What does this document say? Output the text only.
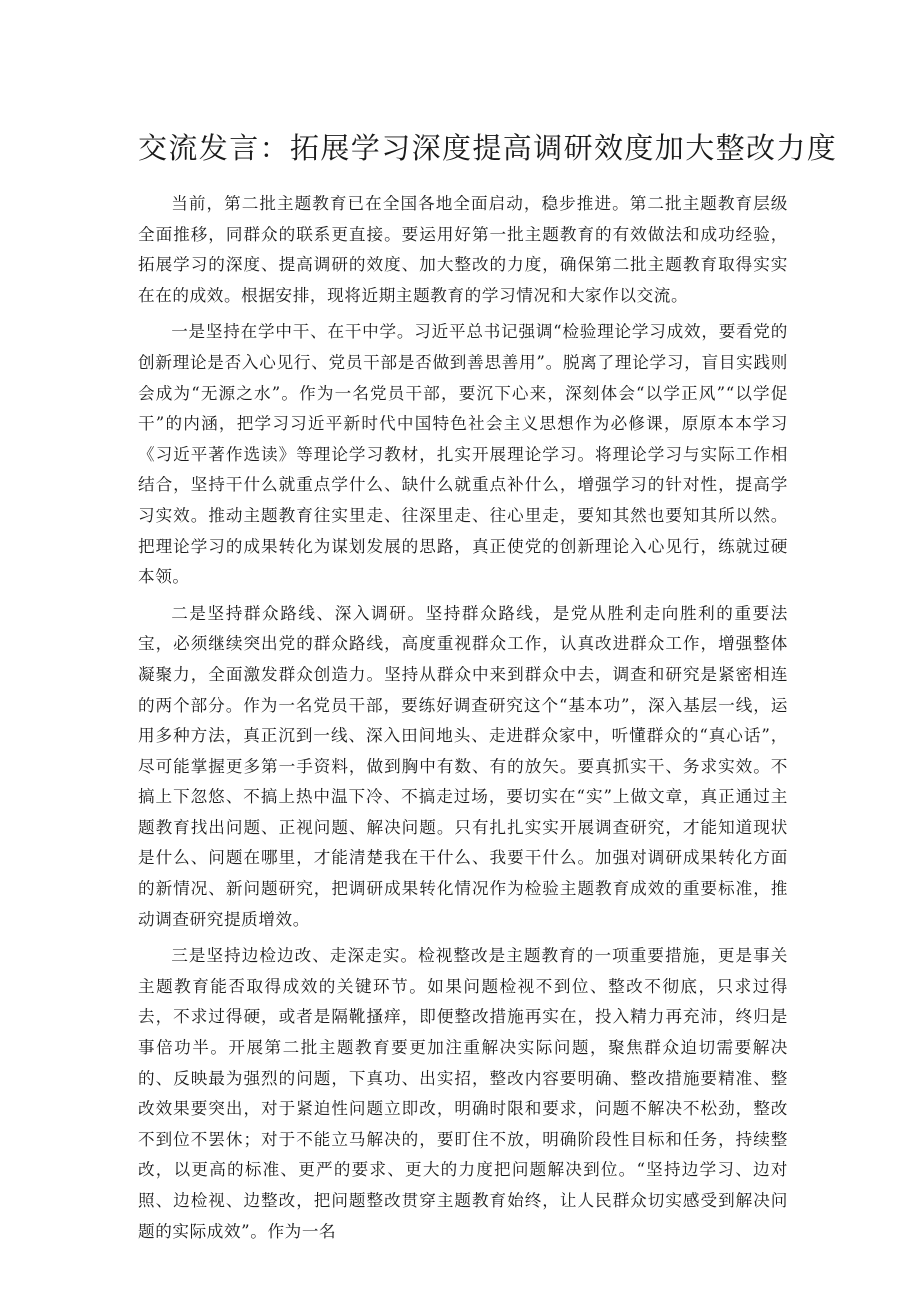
交流发言：拓展学习深度提高调研效度加大整改力度

当前，第二批主题教育已在全国各地全面启动，稳步推进。第二批主题教育层级全面推移，同群众的联系更直接。要运用好第一批主题教育的有效做法和成功经验，拓展学习的深度、提高调研的效度、加大整改的力度，确保第二批主题教育取得实实在在的成效。根据安排，现将近期主题教育的学习情况和大家作以交流。

一是坚持在学中干、在干中学。习近平总书记强调“检验理论学习成效，要看党的创新理论是否入心见行、党员干部是否做到善思善用”。脱离了理论学习，盲目实践则会成为“无源之水”。作为一名党员干部，要沉下心来，深刻体会“以学正风”“以学促干”的内涵，把学习习近平新时代中国特色社会主义思想作为必修课，原原本本学习《习近平著作选读》等理论学习教材，扎实开展理论学习。将理论学习与实际工作相结合，坚持干什么就重点学什么、缺什么就重点补什么，增强学习的针对性，提高学习实效。推动主题教育往实里走、往深里走、往心里走，要知其然也要知其所以然。把理论学习的成果转化为谋划发展的思路，真正使党的创新理论入心见行，练就过硬本领。

二是坚持群众路线、深入调研。坚持群众路线，是党从胜利走向胜利的重要法宝，必须继续突出党的群众路线，高度重视群众工作，认真改进群众工作，增强整体凝聚力，全面激发群众创造力。坚持从群众中来到群众中去，调查和研究是紧密相连的两个部分。作为一名党员干部，要练好调查研究这个“基本功”，深入基层一线，运用多种方法，真正沉到一线、深入田间地头、走进群众家中，听懂群众的“真心话”，尽可能掌握更多第一手资料，做到胸中有数、有的放矢。要真抓实干、务求实效。不搞上下忽悠、不搞上热中温下冷、不搞走过场，要切实在“实”上做文章，真正通过主题教育找出问题、正视问题、解决问题。只有扎扎实实开展调查研究，才能知道现状是什么、问题在哪里，才能清楚我在干什么、我要干什么。加强对调研成果转化方面的新情况、新问题研究，把调研成果转化情况作为检验主题教育成效的重要标准，推动调查研究提质增效。

三是坚持边检边改、走深走实。检视整改是主题教育的一项重要措施，更是事关主题教育能否取得成效的关键环节。如果问题检视不到位、整改不彻底，只求过得去，不求过得硬，或者是隔靴搔痒，即便整改措施再实在，投入精力再充沛，终归是事倍功半。开展第二批主题教育要更加注重解决实际问题，聚焦群众迫切需要解决的、反映最为强烈的问题，下真功、出实招，整改内容要明确、整改措施要精准、整改效果要突出，对于紧迫性问题立即改，明确时限和要求，问题不解决不松劲，整改不到位不罢休；对于不能立马解决的，要盯住不放，明确阶段性目标和任务，持续整改，以更高的标准、更严的要求、更大的力度把问题解决到位。“坚持边学习、边对照、边检视、边整改，把问题整改贯穿主题教育始终，让人民群众切实感受到解决问题的实际成效”。作为一名
